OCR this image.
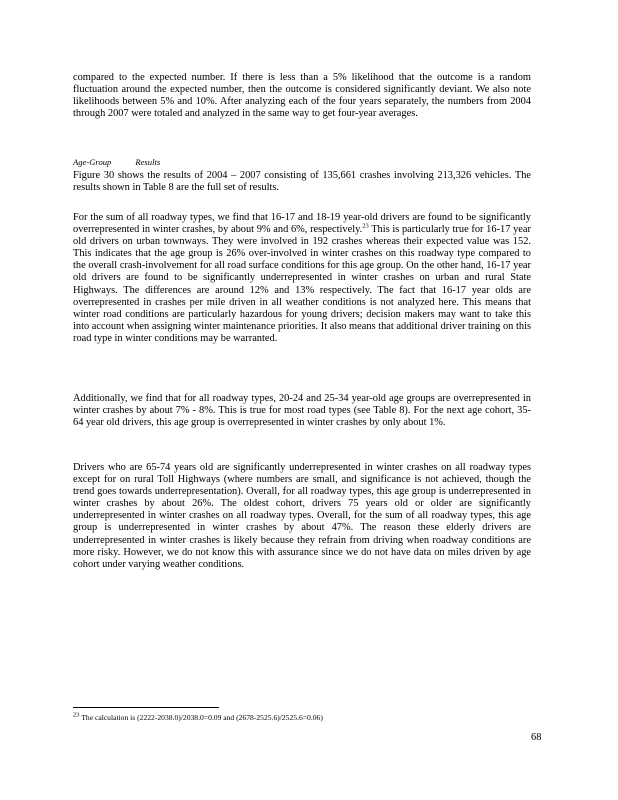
compared to the expected number. If there is less than a 5% likelihood that the outcome is a random fluctuation around the expected number, then the outcome is considered significantly deviant. We also note likelihoods between 5% and 10%. After analyzing each of the four years separately, the numbers from 2004 through 2007 were totaled and analyzed in the same way to get four-year averages.

Age-Group	Results

Figure 30 shows the results of 2004 – 2007 consisting of 135,661 crashes involving 213,326 vehicles. The results shown in Table 8 are the full set of results.

For the sum of all roadway types, we find that 16-17 and 18-19 year-old drivers are found to be significantly overrepresented in winter crashes, by about 9% and 6%, respectively.$^{23}$ This is particularly true for 16-17 year old drivers on urban townways. They were involved in 192 crashes whereas their expected value was 152. This indicates that the age group is 26% over-involved in winter crashes on this roadway type compared to the overall crash-involvement for all road surface conditions for this age group. On the other hand, 16-17 year old drivers are found to be significantly underrepresented in winter crashes on urban and rural State Highways. The differences are around 12% and 13% respectively. The fact that 16-17 year olds are overrepresented in crashes per mile driven in all weather conditions is not analyzed here. This means that winter road conditions are particularly hazardous for young drivers; decision makers may want to take this into account when assigning winter maintenance priorities. It also means that additional driver training on this road type in winter conditions may be warranted.

Additionally, we find that for all roadway types, 20-24 and 25-34 year-old age groups are overrepresented in winter crashes by about 7% - 8%. This is true for most road types (see Table 8). For the next age cohort, 35-64 year old drivers, this age group is overrepresented in winter crashes by only about 1%.

Drivers who are 65-74 years old are significantly underrepresented in winter crashes on all roadway types except for on rural Toll Highways (where numbers are small, and significance is not achieved, though the trend goes towards underrepresentation). Overall, for all roadway types, this age group is underrepresented in winter crashes by about 26%. The oldest cohort, drivers 75 years old or older are significantly underrepresented in winter crashes on all roadway types. Overall, for the sum of all roadway types, this age group is underrepresented in winter crashes by about 47%. The reason these elderly drivers are underrepresented in winter crashes is likely because they refrain from driving when roadway conditions are more risky. However, we do not know this with assurance since we do not have data on miles driven by age cohort under varying weather conditions.

$^{23}$ The calculation is (2222-2038.0)/2038.0=0.09 and (2678-2525.6)/2525.6=0.06)

68
